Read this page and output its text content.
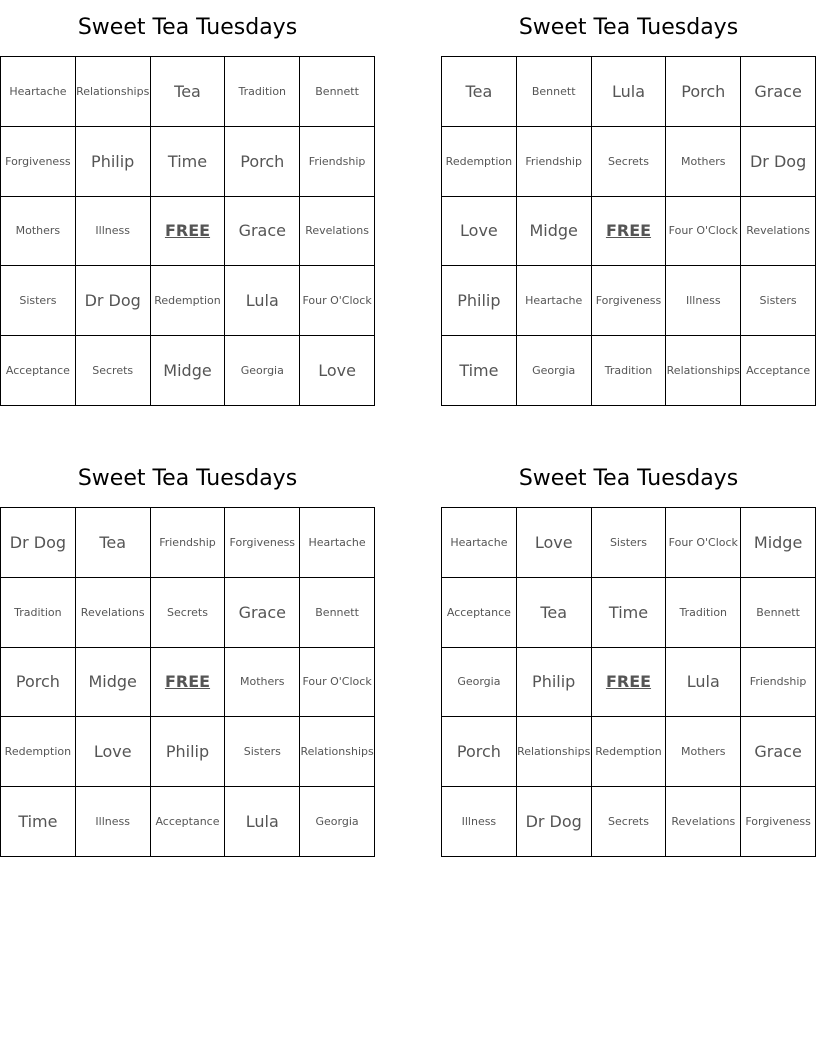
Sweet Tea Tuesdays
Heartache	Relationships	Tea	Tradition	Bennett
Forgiveness	Philip	Time	Porch	Friendship
Mothers	Illness	FREE	Grace	Revelations
Sisters	Dr Dog	Redemption	Lula	Four O'Clock
Acceptance	Secrets	Midge	Georgia	Love
Sweet Tea Tuesdays
Tea	Bennett	Lula	Porch	Grace
Redemption	Friendship	Secrets	Mothers	Dr Dog
Love	Midge	FREE	Four O'Clock	Revelations
Philip	Heartache	Forgiveness	Illness	Sisters
Time	Georgia	Tradition	Relationships	Acceptance
Sweet Tea Tuesdays
Dr Dog	Tea	Friendship	Forgiveness	Heartache
Tradition	Revelations	Secrets	Grace	Bennett
Porch	Midge	FREE	Mothers	Four O'Clock
Redemption	Love	Philip	Sisters	Relationships
Time	Illness	Acceptance	Lula	Georgia
Sweet Tea Tuesdays
Heartache	Love	Sisters	Four O'Clock	Midge
Acceptance	Tea	Time	Tradition	Bennett
Georgia	Philip	FREE	Lula	Friendship
Porch	Relationships	Redemption	Mothers	Grace
Illness	Dr Dog	Secrets	Revelations	Forgiveness
